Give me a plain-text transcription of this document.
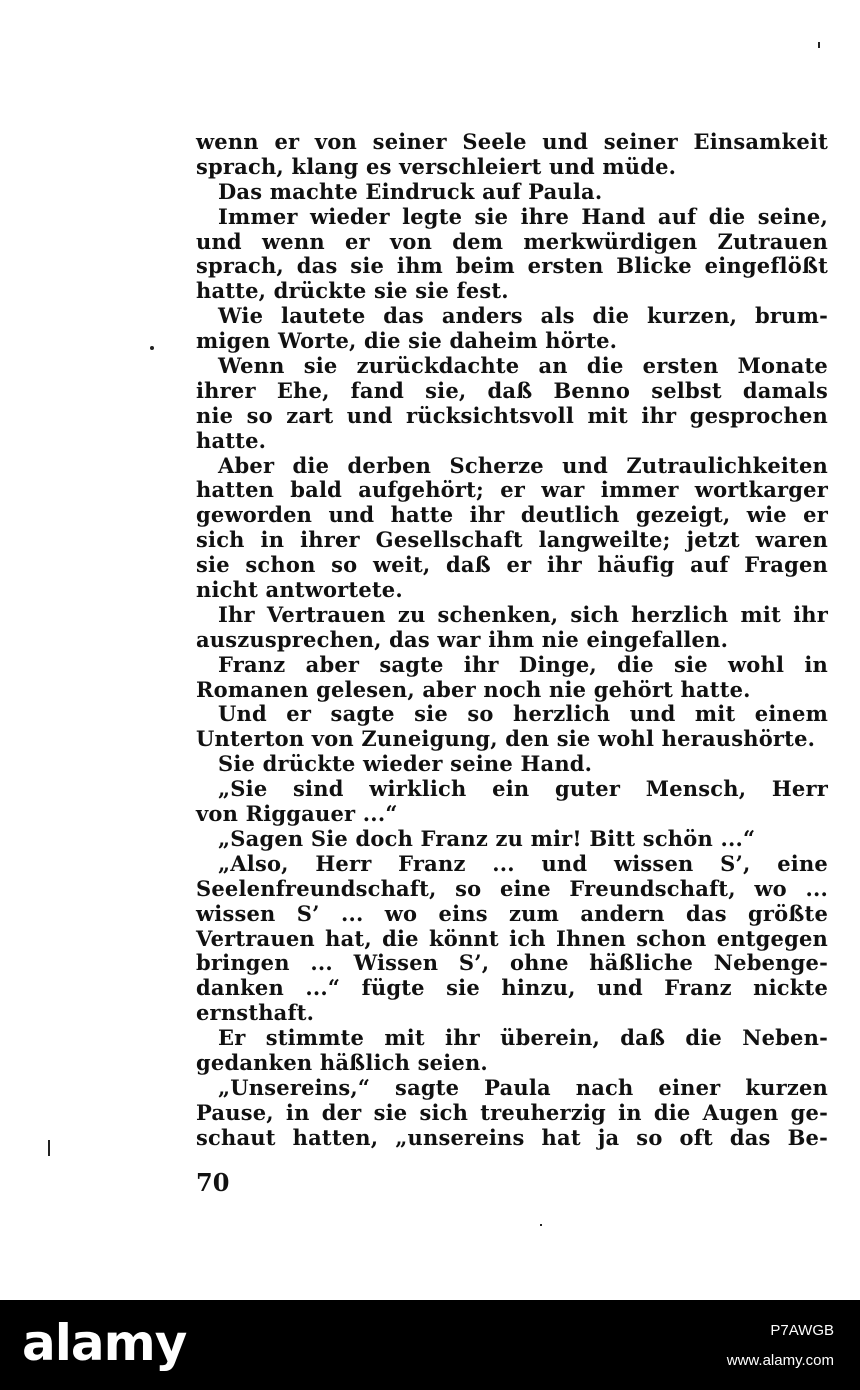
wenn er von seiner Seele und seiner Einsamkeit
sprach, klang es verschleiert und müde.
Das machte Eindruck auf Paula.
Immer wieder legte sie ihre Hand auf die seine,
und wenn er von dem merkwürdigen Zutrauen
sprach, das sie ihm beim ersten Blicke eingeflößt
hatte, drückte sie sie fest.
Wie lautete das anders als die kurzen, brum-
migen Worte, die sie daheim hörte.
Wenn sie zurückdachte an die ersten Monate
ihrer Ehe, fand sie, daß Benno selbst damals
nie so zart und rücksichtsvoll mit ihr gesprochen
hatte.
Aber die derben Scherze und Zutraulichkeiten
hatten bald aufgehört; er war immer wortkarger
geworden und hatte ihr deutlich gezeigt, wie er
sich in ihrer Gesellschaft langweilte; jetzt waren
sie schon so weit, daß er ihr häufig auf Fragen
nicht antwortete.
Ihr Vertrauen zu schenken, sich herzlich mit ihr
auszusprechen, das war ihm nie eingefallen.
Franz aber sagte ihr Dinge, die sie wohl in
Romanen gelesen, aber noch nie gehört hatte.
Und er sagte sie so herzlich und mit einem
Unterton von Zuneigung, den sie wohl heraushörte.
Sie drückte wieder seine Hand.
„Sie sind wirklich ein guter Mensch, Herr
von Riggauer ...“
„Sagen Sie doch Franz zu mir! Bitt schön ...“
„Also, Herr Franz ... und wissen S’, eine
Seelenfreundschaft, so eine Freundschaft, wo ...
wissen S’ ... wo eins zum andern das größte
Vertrauen hat, die könnt ich Ihnen schon entgegen
bringen ... Wissen S’, ohne häßliche Nebenge-
danken ...“ fügte sie hinzu, und Franz nickte
ernsthaft.
Er stimmte mit ihr überein, daß die Neben-
gedanken häßlich seien.
„Unsereins,“ sagte Paula nach einer kurzen
Pause, in der sie sich treuherzig in die Augen ge-
schaut hatten, „unsereins hat ja so oft das Be-
70
alamy	P7AWGB
www.alamy.com
